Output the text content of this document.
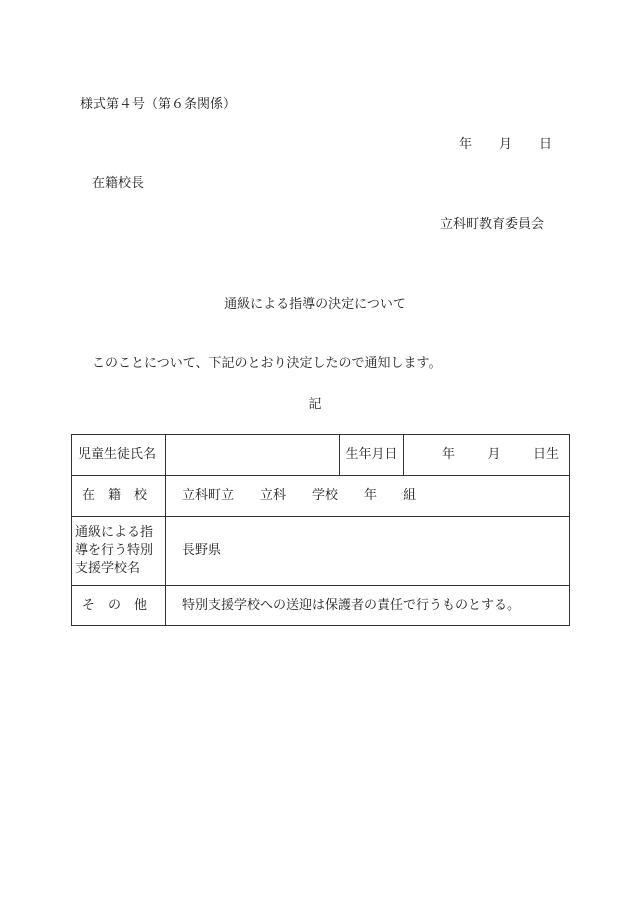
様式第４号（第６条関係）
年 月 日
在籍校長
立科町教育委員会
通級による指導の決定について
このことについて、下記のとおり決定したので通知します。
記
児童生徒氏名		生年月日	年 月 日生

在　籍　校	立科町立 立科 学校 年 組		

通級による指
導を行う特別
支援学校名	長野県		
そ　の　他	特別支援学校への送迎は保護者の責任で行うものとする。		
